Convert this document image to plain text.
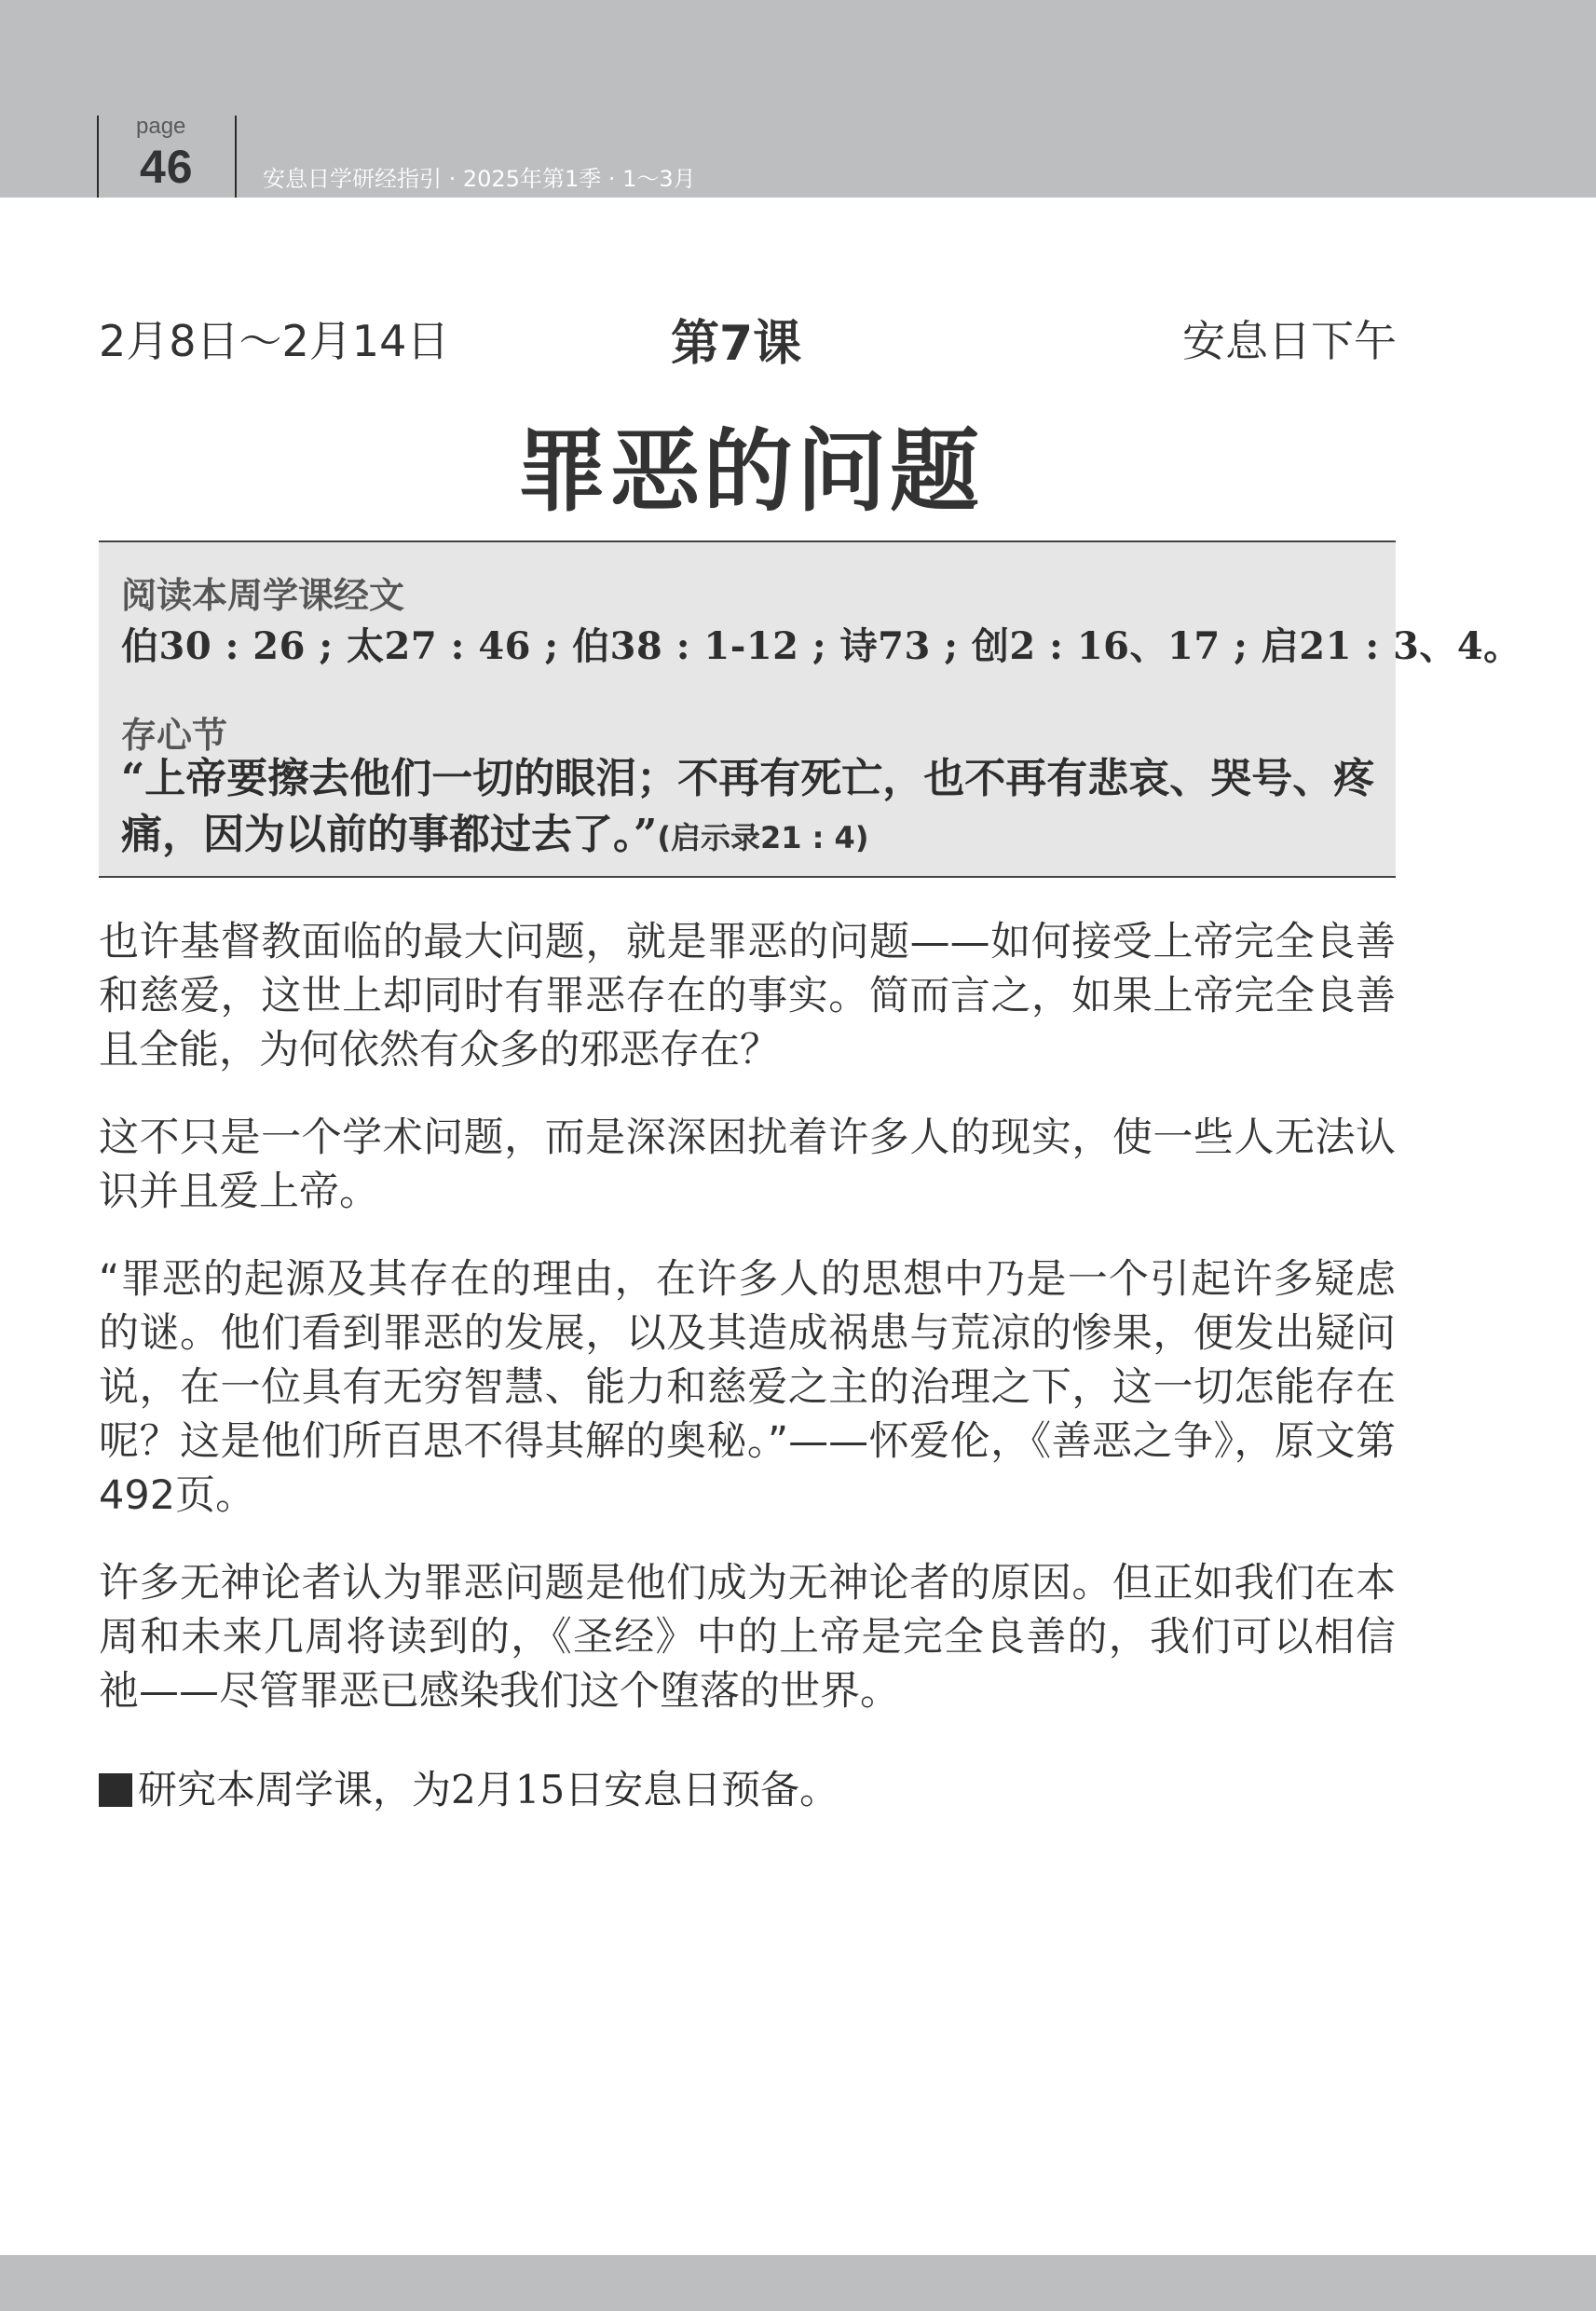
page
46	安息日学研经指引 · 2025年第1季 · 1～3月
2月8日～2月14日	第7课	安息日下午
罪恶的问题
阅读本周学课经文
伯30 : 26 ; 太27 : 46 ; 伯38 : 1-12 ; 诗73 ; 创2 : 16、17 ; 启21 : 3、4。
存心节
“上帝要擦去他们一切的眼泪；不再有死亡，也不再有悲哀、哭号、疼痛，因为以前的事都过去了。”(启示录21 : 4)

也许基督教面临的最大问题，就是罪恶的问题——如何接受上帝完全良善和慈爱，这世上却同时有罪恶存在的事实。简而言之，如果上帝完全良善且全能，为何依然有众多的邪恶存在？

这不只是一个学术问题，而是深深困扰着许多人的现实，使一些人无法认识并且爱上帝。

“罪恶的起源及其存在的理由，在许多人的思想中乃是一个引起许多疑虑的谜。他们看到罪恶的发展，以及其造成祸患与荒凉的惨果，便发出疑问说，在一位具有无穷智慧、能力和慈爱之主的治理之下，这一切怎能存在呢？这是他们所百思不得其解的奥秘。”——怀爱伦，《善恶之争》，原文第492页。

许多无神论者认为罪恶问题是他们成为无神论者的原因。但正如我们在本周和未来几周将读到的，《圣经》中的上帝是完全良善的，我们可以相信祂——尽管罪恶已感染我们这个堕落的世界。

研究本周学课，为2月15日安息日预备。
